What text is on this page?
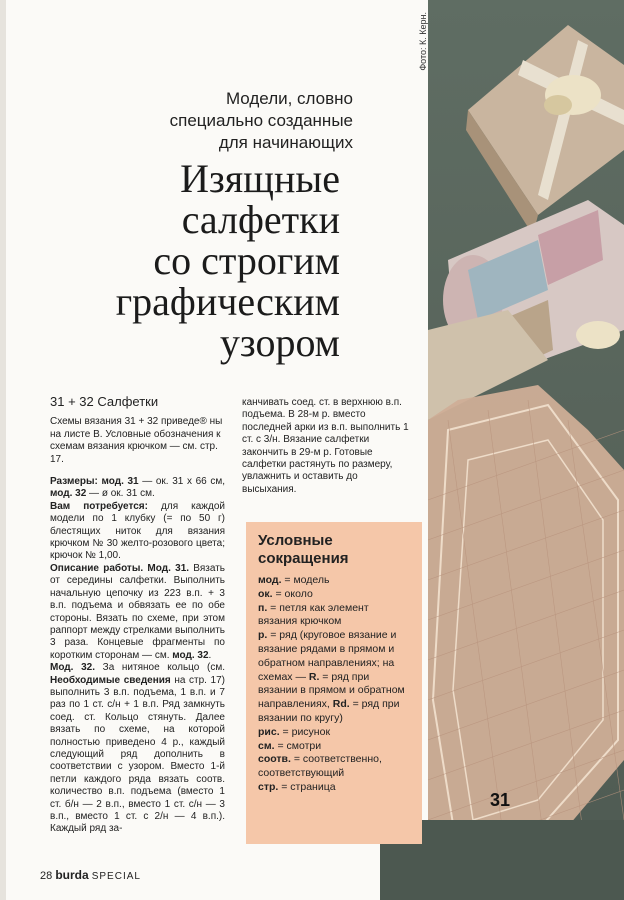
Фото: К. Керн.
31
Модели, словно
специально созданные
для начинающих
Изящные
салфетки
со строгим
графическим
узором

31 + 32 Салфетки

Схемы вязания 31 + 32 приведе® ны на листе В. Условные обозначения к схемам вязания крючком — см. стр. 17.

Размеры: мод. 31 — ок. 31 х 66 см, мод. 32 — ø ок. 31 см.

Вам потребуется: для каждой модели по 1 клубку (= по 50 г) блестящих ниток для вязания крючком № 30 желто-розового цвета; крючок № 1,00.

Описание работы. Мод. 31. Вязать от середины салфетки. Выполнить начальную цепочку из 223 в.п. + 3 в.п. подъема и обвязать ее по обе стороны. Вязать по схеме, при этом раппорт между стрелками выполнить 3 раза. Концевые фрагменты по коротким сторонам — см. мод. 32.

Мод. 32. За нитяное кольцо (см. Необходимые сведения на стр. 17) выполнить 3 в.п. подъема, 1 в.п. и 7 раз по 1 ст. с/н + 1 в.п. Ряд замкнуть соед. ст. Кольцо стянуть. Далее вязать по схеме, на которой полностью приведено 4 р., каждый следующий ряд дополнить в соответствии с узором. Вместо 1-й петли каждого ряда вязать соотв. количество в.п. подъема (вместо 1 ст. б/н — 2 в.п., вместо 1 ст. с/н — 3 в.п., вместо 1 ст. с 2/н — 4 в.п.). Каждый ряд за-

канчивать соед. ст. в верхнюю в.п. подъема. В 28-м р. вместо последней арки из в.п. выполнить 1 ст. с 3/н. Вязание салфетки закончить в 29-м р. Готовые салфетки растянуть по размеру, увлажнить и оставить до высыхания.

Условные
сокращения

мод. = модель

ок. = около

п. = петля как элемент вязания крючком

р. = ряд (круговое вязание и вязание рядами в прямом и обратном направлениях; на схемах — R. = ряд при вязании в прямом и обратном направлениях, Rd. = ряд при вязании по кругу)

рис. = рисунок

см. = смотри

соотв. = соответственно, соответствующий

стр. = страница

28 burda SPECIAL
